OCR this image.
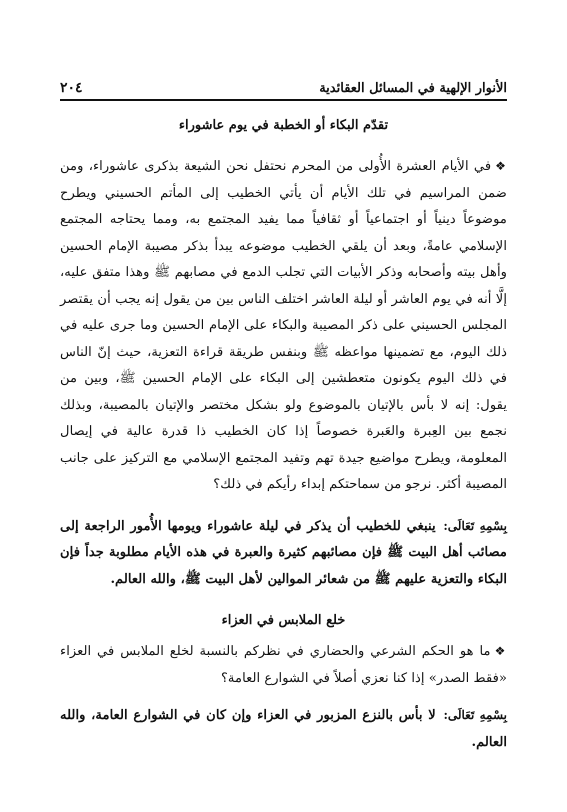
٢٠٤	الأنوار الإلهية في المسائل العقائدية

تقدّم البكاء أو الخطبة في يوم عاشوراء

❖في الأيام العشرة الأُولى من المحرم نحتفل نحن الشيعة بذكرى عاشوراء، ومن ضمن المراسيم في تلك الأيام أن يأتي الخطيب إلى المأتم الحسيني ويطرح موضوعاً دينياً أو اجتماعياً أو ثقافياً مما يفيد المجتمع به، ومما يحتاجه المجتمع الإسلامي عامةً، وبعد أن يلقي الخطيب موضوعه يبدأ بذكر مصيبة الإمام الحسين وأهل بيته وأصحابه وذكر الأبيات التي تجلب الدمع في مصابهم ﷺ وهذا متفق عليه، إلَّا أنه في يوم العاشر أو ليلة العاشر اختلف الناس بين من يقول إنه يجب أن يقتصر المجلس الحسيني على ذكر المصيبة والبكاء على الإمام الحسين وما جرى عليه في ذلك اليوم، مع تضمينها مواعظه ﷺ وبنفس طريقة قراءة التعزية، حيث إنّ الناس في ذلك اليوم يكونون متعطشين إلى البكاء على الإمام الحسين ﷺ، وبين من يقول: إنه لا بأس بالإتيان بالموضوع ولو بشكل مختصر والإتيان بالمصيبة، وبذلك نجمع بين العِبرة والعَبرة خصوصاً إذا كان الخطيب ذا قدرة عالية في إيصال المعلومة، ويطرح مواضيع جيدة تهم وتفيد المجتمع الإسلامي مع التركيز على جانب المصيبة أكثر. نرجو من سماحتكم إبداء رأيكم في ذلك؟

بِسْمِهِ تَعَالَى: ينبغي للخطيب أن يذكر في ليلة عاشوراء ويومها الأُمور الراجعة إلى مصائب أهل البيت ﷺ فإن مصائبهم كثيرة والعبرة في هذه الأيام مطلوبة جداً فإن البكاء والتعزية عليهم ﷺ من شعائر الموالين لأهل البيت ﷺ، والله العالم.

خلع الملابس في العزاء

❖ما هو الحكم الشرعي والحضاري في نظركم بالنسبة لخلع الملابس في العزاء «فقط الصدر» إذا كنا نعزي أصلاً في الشوارع العامة؟

بِسْمِهِ تَعَالَى: لا بأس بالنزع المزبور في العزاء وإن كان في الشوارع العامة، والله العالم.
